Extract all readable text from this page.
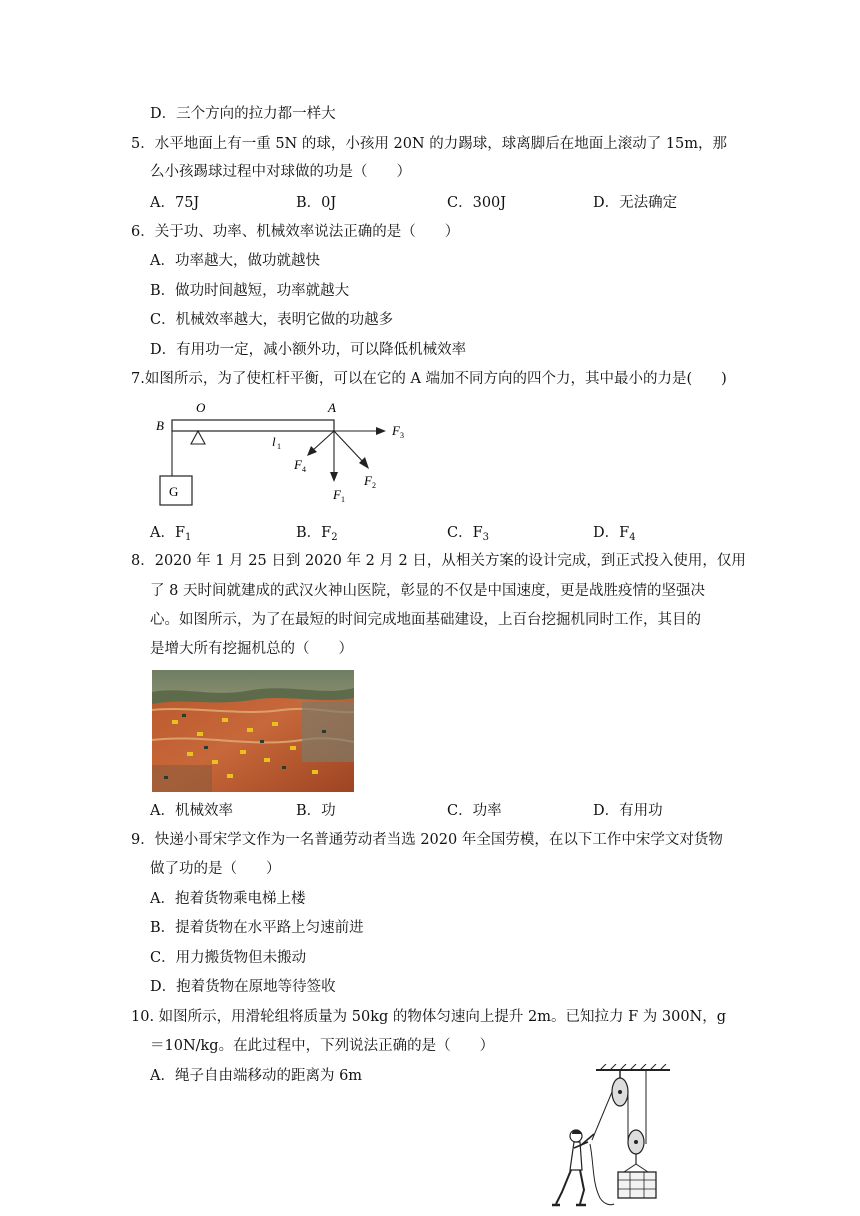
D．三个方向的拉力都一样大
5．水平地面上有一重 5N 的球，小孩用 20N 的力踢球，球离脚后在地面上滚动了 15m，那
么小孩踢球过程中对球做的功是（　　）
A．75J	B．0J	C．300J	D．无法确定
6．关于功、功率、机械效率说法正确的是（　　）
A．功率越大，做功就越快
B．做功时间越短，功率就越大
C．机械效率越大，表明它做的功越多
D．有用功一定，减小额外功，可以降低机械效率
7.如图所示，为了使杠杆平衡，可以在它的 A 端加不同方向的四个力，其中最小的力是(　　)
O	A
B
G
l 1
F 3
F 4
F 1
F 2
A．$F_1$	B．$F_2$	C．$F_3$	D．$F_4$
8．2020 年 1 月 25 日到 2020 年 2 月 2 日，从相关方案的设计完成，到正式投入使用，仅用
了 8 天时间就建成的武汉火神山医院，彰显的不仅是中国速度，更是战胜疫情的坚强决
心。如图所示，为了在最短的时间完成地面基础建设，上百台挖掘机同时工作，其目的
是增大所有挖掘机总的（　　）
A．机械效率	B．功	C．功率	D．有用功
9．快递小哥宋学文作为一名普通劳动者当选 2020 年全国劳模，在以下工作中宋学文对货物
做了功的是（　　）
A．抱着货物乘电梯上楼
B．提着货物在水平路上匀速前进
C．用力搬货物但未搬动
D．抱着货物在原地等待签收
10. 如图所示，用滑轮组将质量为 50kg 的物体匀速向上提升 2m。已知拉力 F 为 300N，g
＝10N/kg。在此过程中，下列说法正确的是（　　）
A．绳子自由端移动的距离为 6m
